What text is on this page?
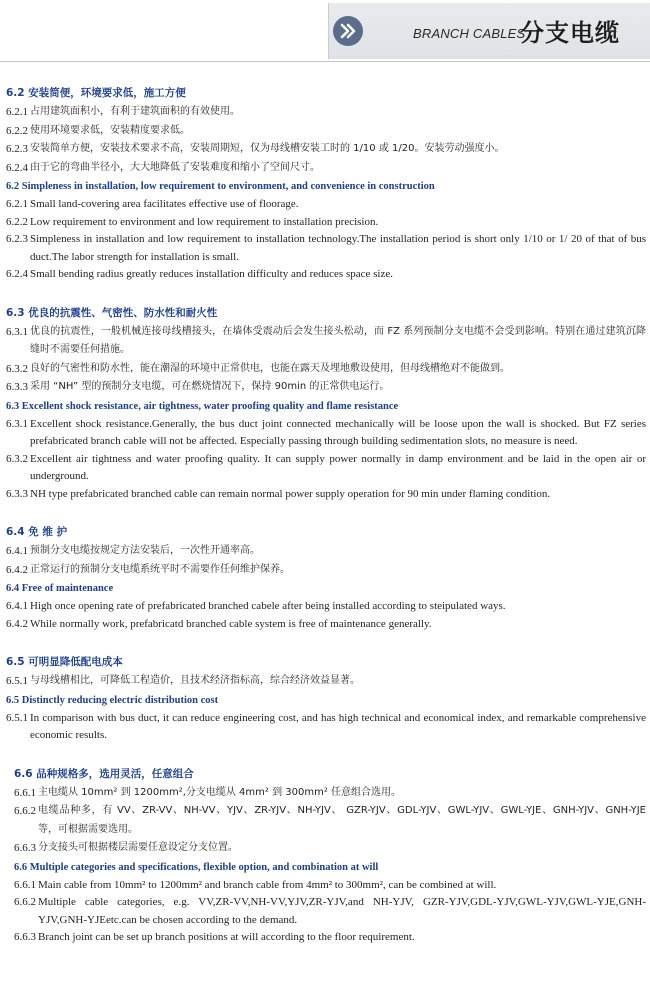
BRANCH CABLES
分支电缆
6.2 安装简便，环境要求低，施工方便
6.2.1 占用建筑面积小，有利于建筑面积的有效使用。
6.2.2 使用环境要求低，安装精度要求低。
6.2.3 安装简单方便，安装技术要求不高，安装周期短，仅为母线槽安装工时的 1/10 或 1/20。安装劳动强度小。
6.2.4 由于它的弯曲半径小，大大地降低了安装难度和缩小了空间尺寸。
6.2 Simpleness in installation, low requirement to environment, and convenience in construction
6.2.1 Small land-covering area facilitates effective use of floorage.
6.2.2 Low requirement to environment and low requirement to installation precision.
6.2.3 Simpleness in installation and low requirement to installation technology.The installation period is short only 1/10 or 1/ 20 of that of bus duct.The labor strength for installation is small.
6.2.4 Small bending radius greatly reduces installation difficulty and reduces space size.
6.3 优良的抗震性、气密性、防水性和耐火性
6.3.1 优良的抗震性，一般机械连接母线槽接头，在墙体受震动后会发生接头松动，而 FZ 系列预制分支电缆不会受到影响。特别在通过建筑沉降缝时不需要任何措施。
6.3.2 良好的气密性和防水性，能在潮湿的环境中正常供电，也能在露天及埋地敷设使用，但母线槽绝对不能做到。
6.3.3 采用 “NH” 型的预制分支电缆，可在燃烧情况下，保持 90min 的正常供电运行。
6.3 Excellent shock resistance, air tightness, water proofing quality and flame resistance
6.3.1 Excellent shock resistance.Generally, the bus duct joint connected mechanically will be loose upon the wall is shocked. But FZ series prefabricated branch cable will not be affected. Especially passing through building sedimentation slots, no measure is need.
6.3.2 Excellent air tightness and water proofing quality. It can supply power normally in damp environment and be laid in the open air or underground.
6.3.3 NH type prefabricated branched cable can remain normal power supply operation for 90 min under flaming condition.
6.4 免 维 护
6.4.1 预制分支电缆按规定方法安装后，一次性开通率高。
6.4.2 正常运行的预制分支电缆系统平时不需要作任何维护保养。
6.4 Free of maintenance
6.4.1 High once opening rate of prefabricated branched cabele after being installed according to steipulated ways.
6.4.2 While normally work, prefabricatd branched cable system is free of maintenance generally.
6.5 可明显降低配电成本
6.5.1 与母线槽相比，可降低工程造价，且技术经济指标高，综合经济效益显著。
6.5 Distinctly reducing electric distribution cost
6.5.1 In comparison with bus duct, it can reduce engineering cost, and has high technical and economical index, and remarkable comprehensive economic results.
6.6 品种规格多，选用灵活，任意组合
6.6.1 主电缆从 10mm² 到 1200mm²,分支电缆从 4mm² 到 300mm² 任意组合选用。
6.6.2 电缆品种多，有 VV、ZR-VV、NH-VV、YJV、ZR-YJV、NH-YJV、 GZR-YJV、GDL-YJV、GWL-YJV、GWL-YJE、GNH-YJV、GNH-YJE 等，可根据需要选用。
6.6.3 分支接头可根据楼层需要任意设定分支位置。
6.6 Multiple categories and specifications, flexible option, and combination at will
6.6.1 Main cable from 10mm² to 1200mm² and branch cable from 4mm² to 300mm², can be combined at will.
6.6.2 Multiple cable categories, e.g. VV,ZR-VV,NH-VV,YJV,ZR-YJV,and NH-YJV, GZR-YJV,GDL-YJV,GWL-YJV,GWL-YJE,GNH-YJV,GNH-YJEetc.can be chosen according to the demand.
6.6.3 Branch joint can be set up branch positions at will according to the floor requirement.
